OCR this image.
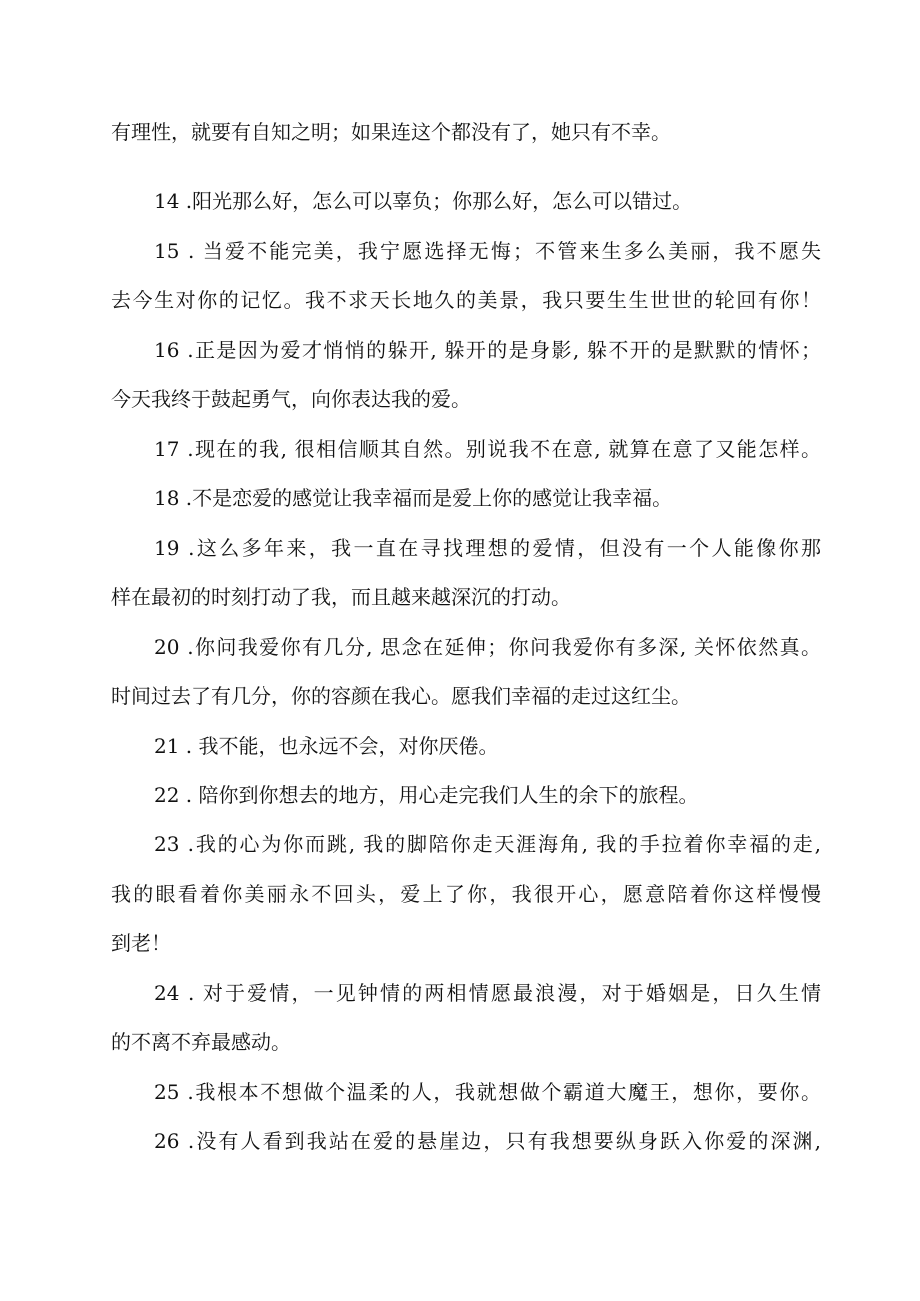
有理性，就要有自知之明；如果连这个都没有了，她只有不幸。
14 .阳光那么好，怎么可以辜负；你那么好，怎么可以错过。
15 . 当爱不能完美，我宁愿选择无悔；不管来生多么美丽，我不愿失
去今生对你的记忆。我不求天长地久的美景，我只要生生世世的轮回有你！
16 .正是因为爱才悄悄的躲开, 躲开的是身影, 躲不开的是默默的情怀；
今天我终于鼓起勇气，向你表达我的爱。
17 .现在的我, 很相信顺其自然。别说我不在意, 就算在意了又能怎样。
18 .不是恋爱的感觉让我幸福而是爱上你的感觉让我幸福。
19 .这么多年来，我一直在寻找理想的爱情，但没有一个人能像你那
样在最初的时刻打动了我，而且越来越深沉的打动。
20 .你问我爱你有几分, 思念在延伸；你问我爱你有多深, 关怀依然真。
时间过去了有几分，你的容颜在我心。愿我们幸福的走过这红尘。
21 . 我不能，也永远不会，对你厌倦。
22 . 陪你到你想去的地方，用心走完我们人生的余下的旅程。
23 .我的心为你而跳, 我的脚陪你走天涯海角, 我的手拉着你幸福的走,
我的眼看着你美丽永不回头，爱上了你，我很开心，愿意陪着你这样慢慢
到老！
24 . 对于爱情，一见钟情的两相情愿最浪漫，对于婚姻是，日久生情
的不离不弃最感动。
25 .我根本不想做个温柔的人，我就想做个霸道大魔王，想你，要你。
26 .没有人看到我站在爱的悬崖边，只有我想要纵身跃入你爱的深渊,
